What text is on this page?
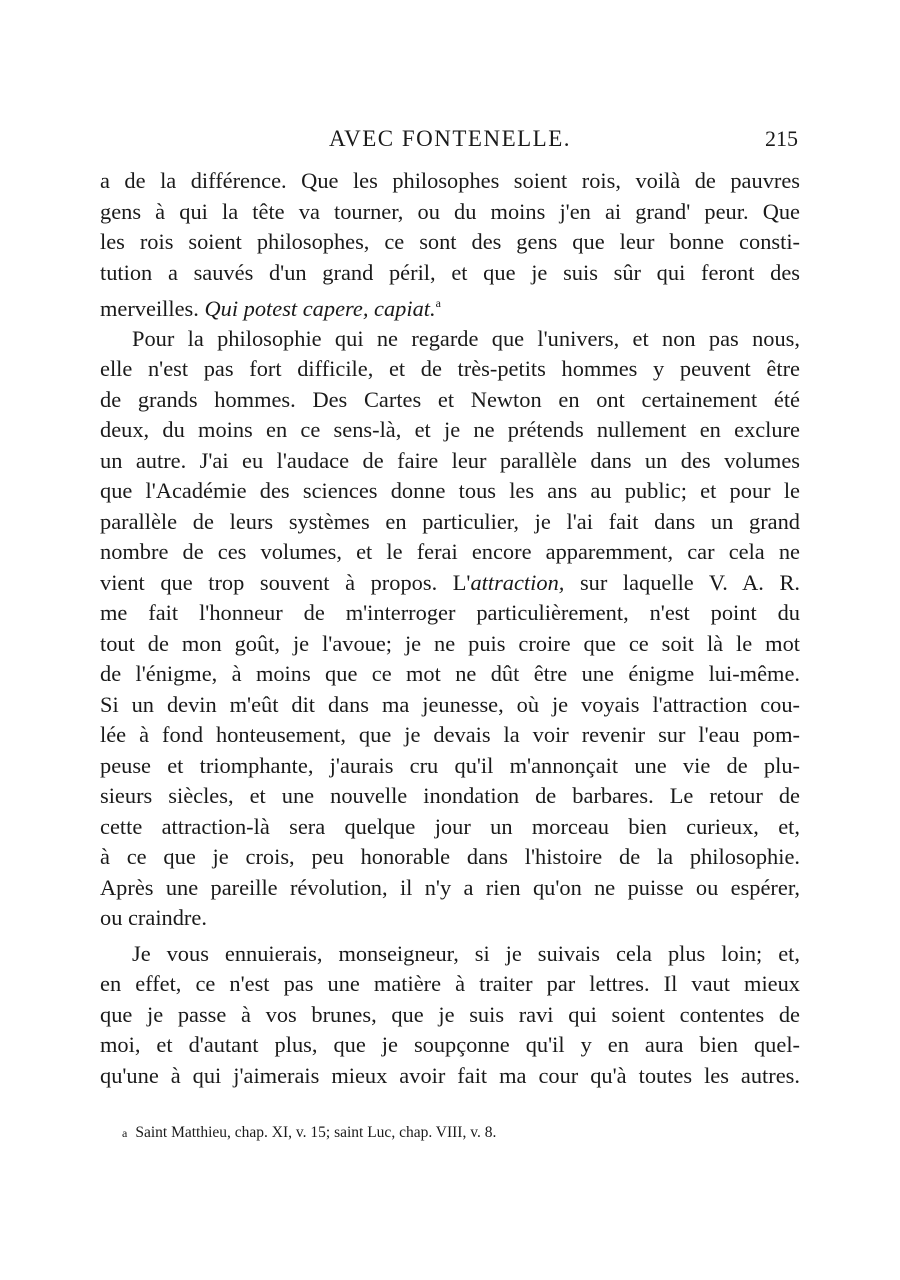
AVEC FONTENELLE.	215
a de la différence. Que les philosophes soient rois, voilà de pauvres
gens à qui la tête va tourner, ou du moins j'en ai grand' peur. Que
les rois soient philosophes, ce sont des gens que leur bonne consti-
tution a sauvés d'un grand péril, et que je suis sûr qui feront des
merveilles. Qui potest capere, capiat.$^a$
Pour la philosophie qui ne regarde que l'univers, et non pas nous,
elle n'est pas fort difficile, et de très-petits hommes y peuvent être
de grands hommes. Des Cartes et Newton en ont certainement été
deux, du moins en ce sens-là, et je ne prétends nullement en exclure
un autre. J'ai eu l'audace de faire leur parallèle dans un des volumes
que l'Académie des sciences donne tous les ans au public; et pour le
parallèle de leurs systèmes en particulier, je l'ai fait dans un grand
nombre de ces volumes, et le ferai encore apparemment, car cela ne
vient que trop souvent à propos. L'attraction, sur laquelle V. A. R.
me fait l'honneur de m'interroger particulièrement, n'est point du
tout de mon goût, je l'avoue; je ne puis croire que ce soit là le mot
de l'énigme, à moins que ce mot ne dût être une énigme lui-même.
Si un devin m'eût dit dans ma jeunesse, où je voyais l'attraction cou-
lée à fond honteusement, que je devais la voir revenir sur l'eau pom-
peuse et triomphante, j'aurais cru qu'il m'annonçait une vie de plu-
sieurs siècles, et une nouvelle inondation de barbares. Le retour de
cette attraction-là sera quelque jour un morceau bien curieux, et,
à ce que je crois, peu honorable dans l'histoire de la philosophie.
Après une pareille révolution, il n'y a rien qu'on ne puisse ou espérer,
ou craindre.
Je vous ennuierais, monseigneur, si je suivais cela plus loin; et,
en effet, ce n'est pas une matière à traiter par lettres. Il vaut mieux
que je passe à vos brunes, que je suis ravi qui soient contentes de
moi, et d'autant plus, que je soupçonne qu'il y en aura bien quel-
qu'une à qui j'aimerais mieux avoir fait ma cour qu'à toutes les autres.
a Saint Matthieu, chap. XI, v. 15; saint Luc, chap. VIII, v. 8.
